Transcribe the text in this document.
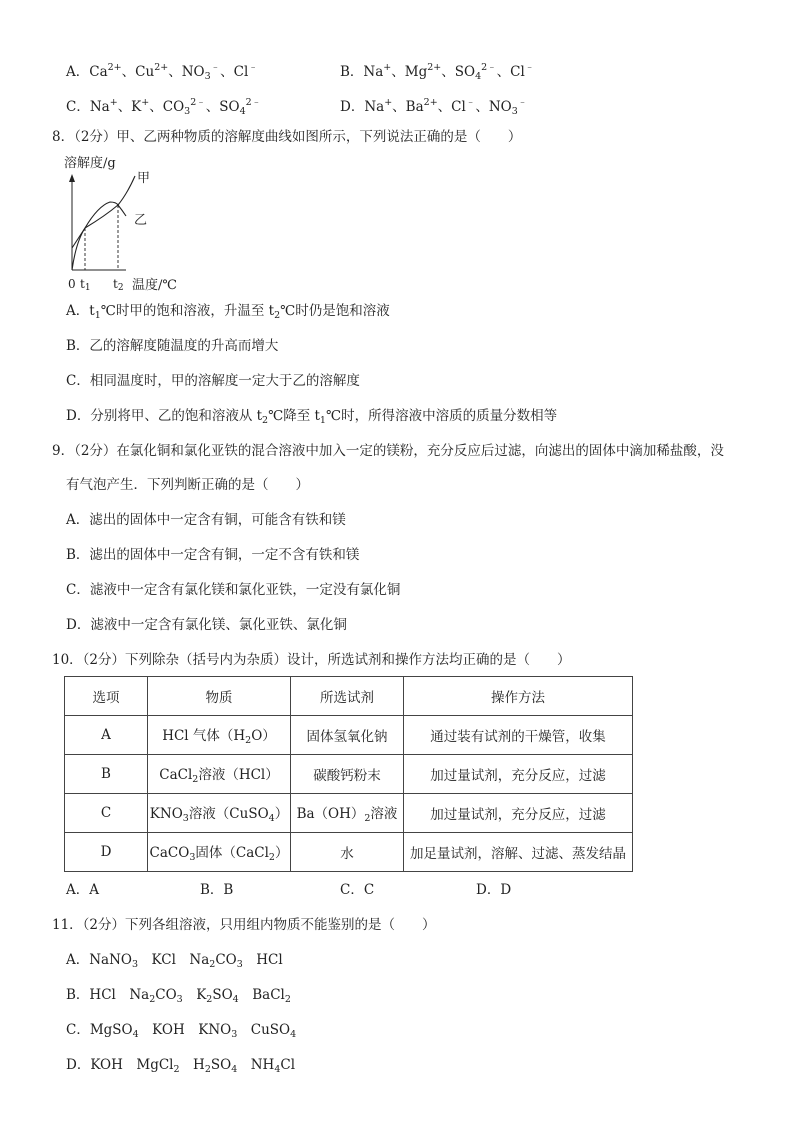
A．$Ca^{2+}$、$Cu^{2+}$、$NO_3^﹣$、Cl﹣	B．Na+、$Mg^{2+}$、$SO_4^{2﹣}$、Cl﹣
C．Na+、K+、$CO_3^{2﹣}$、$SO_4^{2﹣}$	D．Na+、$Ba^{2+}$、Cl﹣、$NO_3^﹣$
8．（2分）甲、乙两种物质的溶解度曲线如图所示，下列说法正确的是（　　）
溶解度/g
甲
乙
0 t1 t2 温度/℃
A．$t_1℃$时甲的饱和溶液，升温至 $t_2℃$时仍是饱和溶液
B．乙的溶解度随温度的升高而增大
C．相同温度时，甲的溶解度一定大于乙的溶解度
D．分别将甲、乙的饱和溶液从 $t_2℃$降至 $t_1℃$时，所得溶液中溶质的质量分数相等
9．（2分）在氯化铜和氯化亚铁的混合溶液中加入一定的镁粉，充分反应后过滤，向滤出的固体中滴加稀盐酸，没
有气泡产生．下列判断正确的是（　　）
A．滤出的固体中一定含有铜，可能含有铁和镁
B．滤出的固体中一定含有铜，一定不含有铁和镁
C．滤液中一定含有氯化镁和氯化亚铁，一定没有氯化铜
D．滤液中一定含有氯化镁、氯化亚铁、氯化铜
10．（2分）下列除杂（括号内为杂质）设计，所选试剂和操作方法均正确的是（　　）
选项	物质	所选试剂	操作方法
A	HCl 气体$(H_2O)$	固体氢氧化钠	通过装有试剂的干燥管，收集
B	CaCl$_2$溶液（HCl）	碳酸钙粉末	加过量试剂，充分反应，过滤
C	$KNO_3$溶液（CuSO$_4$）	$Ba(OH)_2$溶液	加过量试剂，充分反应，过滤
D	CaCO$_3$固体（CaCl$_2$）	水	加足量试剂，溶解、过滤、蒸发结晶
A．A	B．B	C．C	D．D
11．（2分）下列各组溶液，只用组内物质不能鉴别的是（　　）
A．NaNO$_3$　KCl　$Na_2CO_3$　HCl
B．HCl　$Na_2CO_3$　$K_2SO_4$　BaCl$_2$
C．MgSO$_4$　KOH　$KNO_3$　CuSO$_4$
D．KOH　MgCl$_2$　$H_2SO_4$　$NH_4Cl$
